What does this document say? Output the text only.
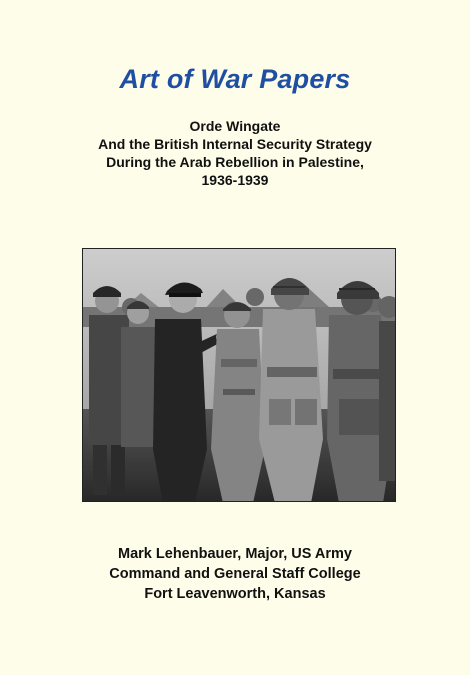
Art of War Papers
Orde Wingate
And the British Internal Security Strategy
During the Arab Rebellion in Palestine,
1936-1939
Mark Lehenbauer, Major, US Army
Command and General Staff College
Fort Leavenworth, Kansas
